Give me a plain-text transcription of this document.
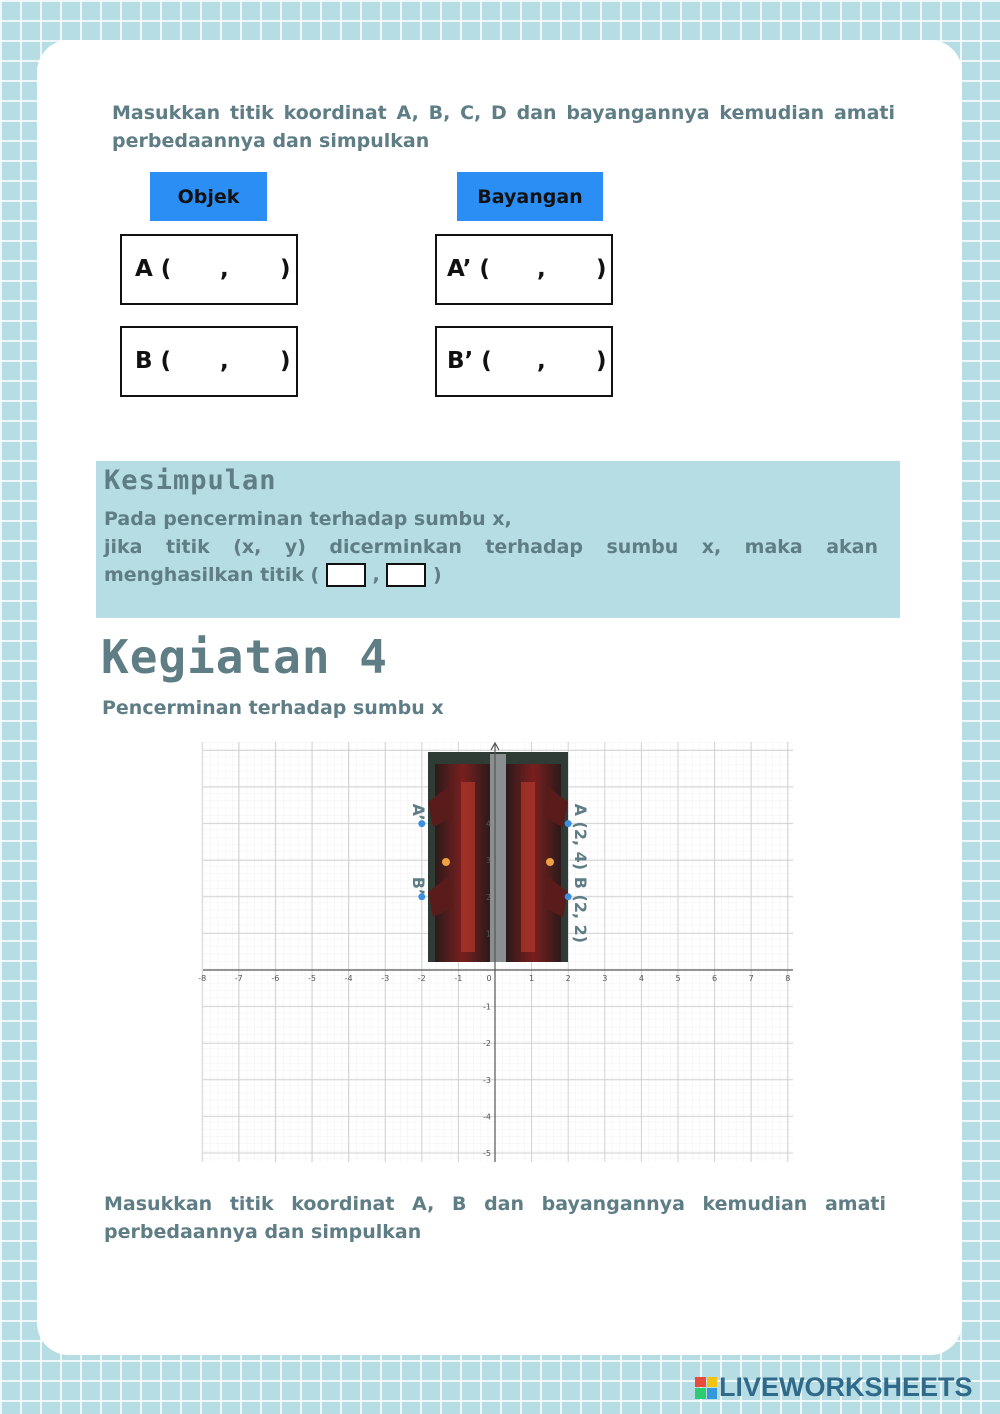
Masukkan titik koordinat A, B, C, D dan bayangannya kemudian amati perbedaannya dan simpulkan
Objek	Bayangan
A ( , )	A’ ( , )
B ( , )	B’ ( , )
Kesimpulan
Pada pencerminan terhadap sumbu x,
jika titik (x, y) dicerminkan terhadap sumbu x, maka akan menghasilkan titik (	,	)
Kegiatan 4
Pencerminan terhadap sumbu x
-8	-7	-6	-5	-4	-3	-2	-1	0	1	2	3	4	5	6	7	8
4
3
2
1
-1
-2
-3
-4
-5
A (2, 4)
B (2, 2)
A’
B’
Masukkan titik koordinat A, B dan bayangannya kemudian amati perbedaannya dan simpulkan
LIVEWORKSHEETS
